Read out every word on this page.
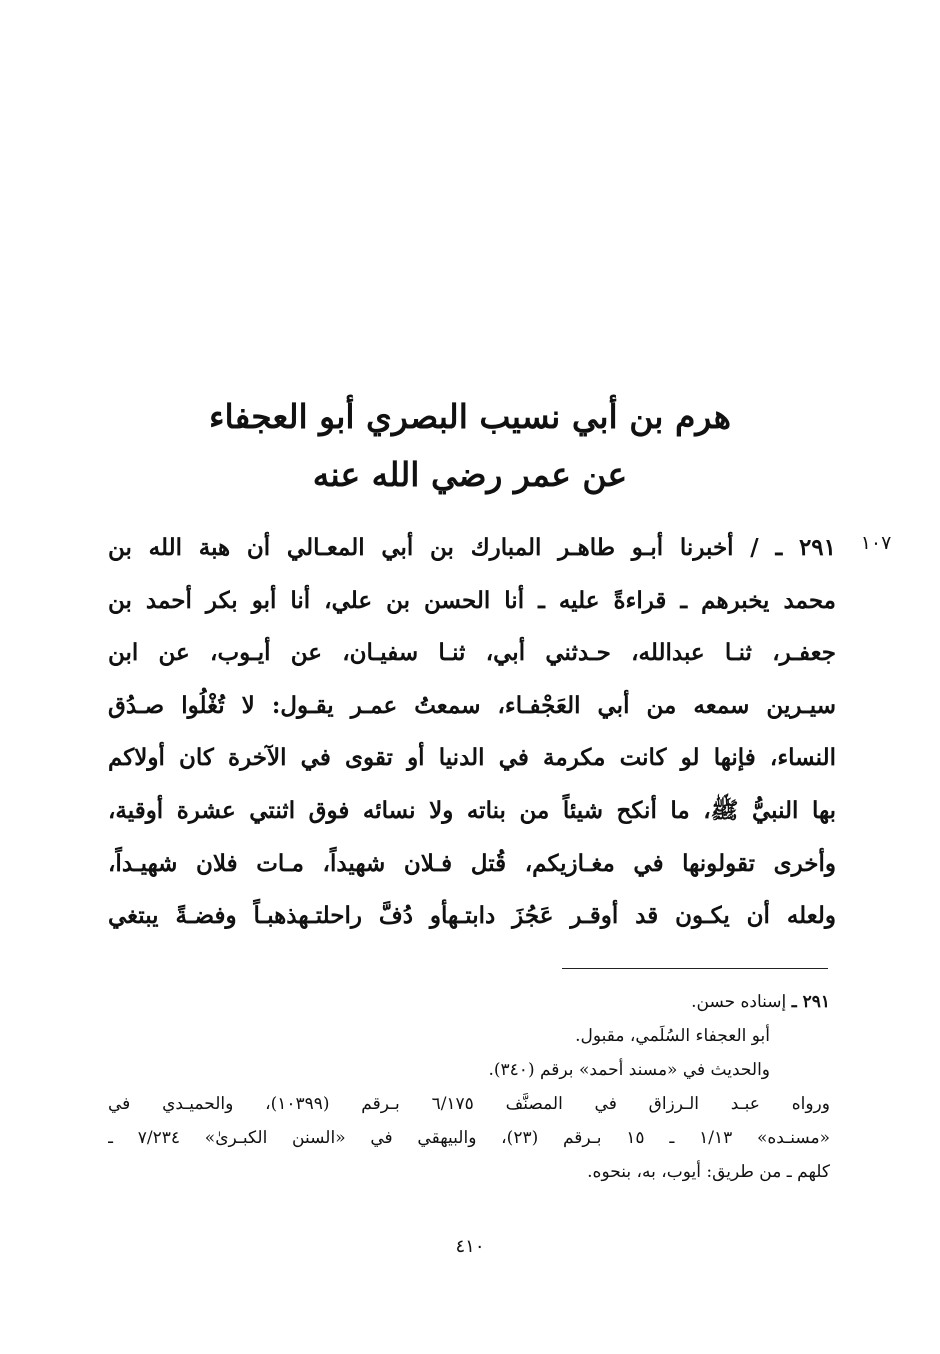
هرم بن أبي نسيب البصري أبو العجفاء
عن عمر رضي الله عنه
١٠٧
٢٩١ ـ / أخبرنا أبـو طاهـر المبارك بن أبي المعـالي أن هبة الله بن
محمد يخبرهم ـ قراءةً عليه ـ أنا الحسن بن علي، أنا أبو بكر أحمد بن
جعفـر، ثنـا عبدالله، حـدثني أبي، ثنـا سفيـان، عن أيـوب، عن ابن
سيـرين سمعه من أبي العَجْفـاء، سمعتُ عمـر يقـول: لا تُغْلُوا صـدُق
النساء، فإنها لو كانت مكرمة في الدنيا أو تقوى في الآخرة كان أولاكم
بها النبيُّ ﷺ، ما أنكح شيئاً من بناته ولا نسائه فوق اثنتي عشرة أوقية،
وأخرى تقولونها في مغـازيكم، قُتل فـلان شهيداً، مـات فلان شهيـداً،
ولعله أن يكـون قد أوقـر عَجُزَ دابتـهأو دُفَّ راحلتـهذهبـاً وفضـةً يبتغي
٢٩١ ـ إسناده حسن.
أبو العجفاء السُلَمي، مقبول.
والحديث في «مسند أحمد» برقم (٣٤٠).
ورواه عبـد الـرزاق في المصنَّف ٦/١٧٥ بـرقم (١٠٣٩٩)، والحميـدي في
«مسنـده» ١/١٣ ـ ١٥ بـرقم (٢٣)، والبيهقي في «السنن الكبـرىٰ» ٧/٢٣٤ ـ
كلهم ـ من طريق: أيوب، به، بنحوه.
٤١٠
